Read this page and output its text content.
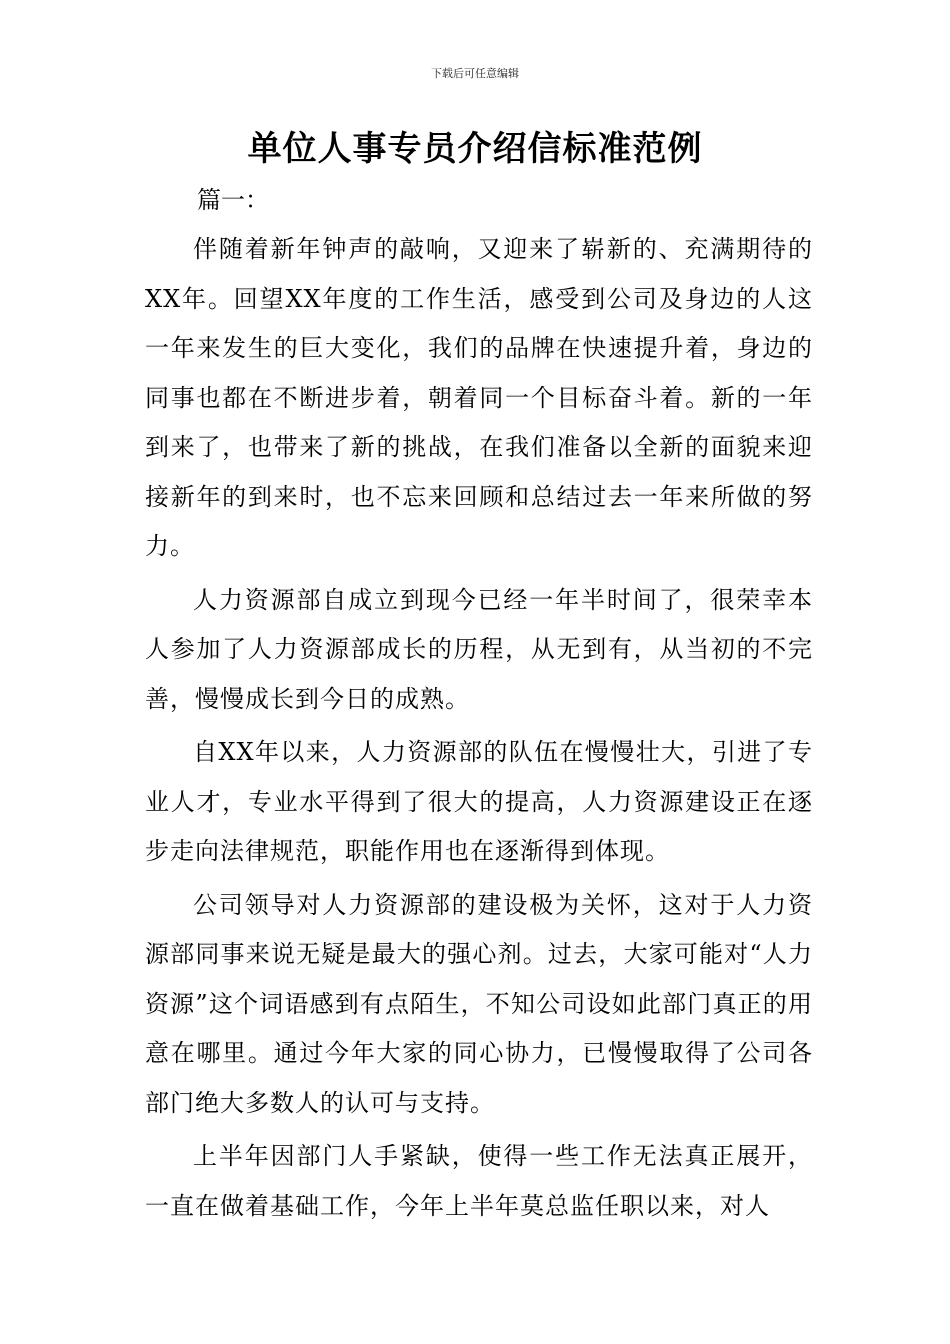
下载后可任意编辑
单位人事专员介绍信标准范例
篇一：

伴随着新年钟声的敲响，又迎来了崭新的、充满期待的XX年。回望XX年度的工作生活，感受到公司及身边的人这一年来发生的巨大变化，我们的品牌在快速提升着，身边的同事也都在不断进步着，朝着同一个目标奋斗着。新的一年到来了，也带来了新的挑战，在我们准备以全新的面貌来迎接新年的到来时，也不忘来回顾和总结过去一年来所做的努力。

人力资源部自成立到现今已经一年半时间了，很荣幸本人参加了人力资源部成长的历程，从无到有，从当初的不完善，慢慢成长到今日的成熟。

自XX年以来，人力资源部的队伍在慢慢壮大，引进了专业人才，专业水平得到了很大的提高，人力资源建设正在逐步走向法律规范，职能作用也在逐渐得到体现。

公司领导对人力资源部的建设极为关怀，这对于人力资源部同事来说无疑是最大的强心剂。过去，大家可能对“人力资源”这个词语感到有点陌生，不知公司设如此部门真正的用意在哪里。通过今年大家的同心协力，已慢慢取得了公司各部门绝大多数人的认可与支持。

上半年因部门人手紧缺，使得一些工作无法真正展开，一直在做着基础工作，今年上半年莫总监任职以来，对人
